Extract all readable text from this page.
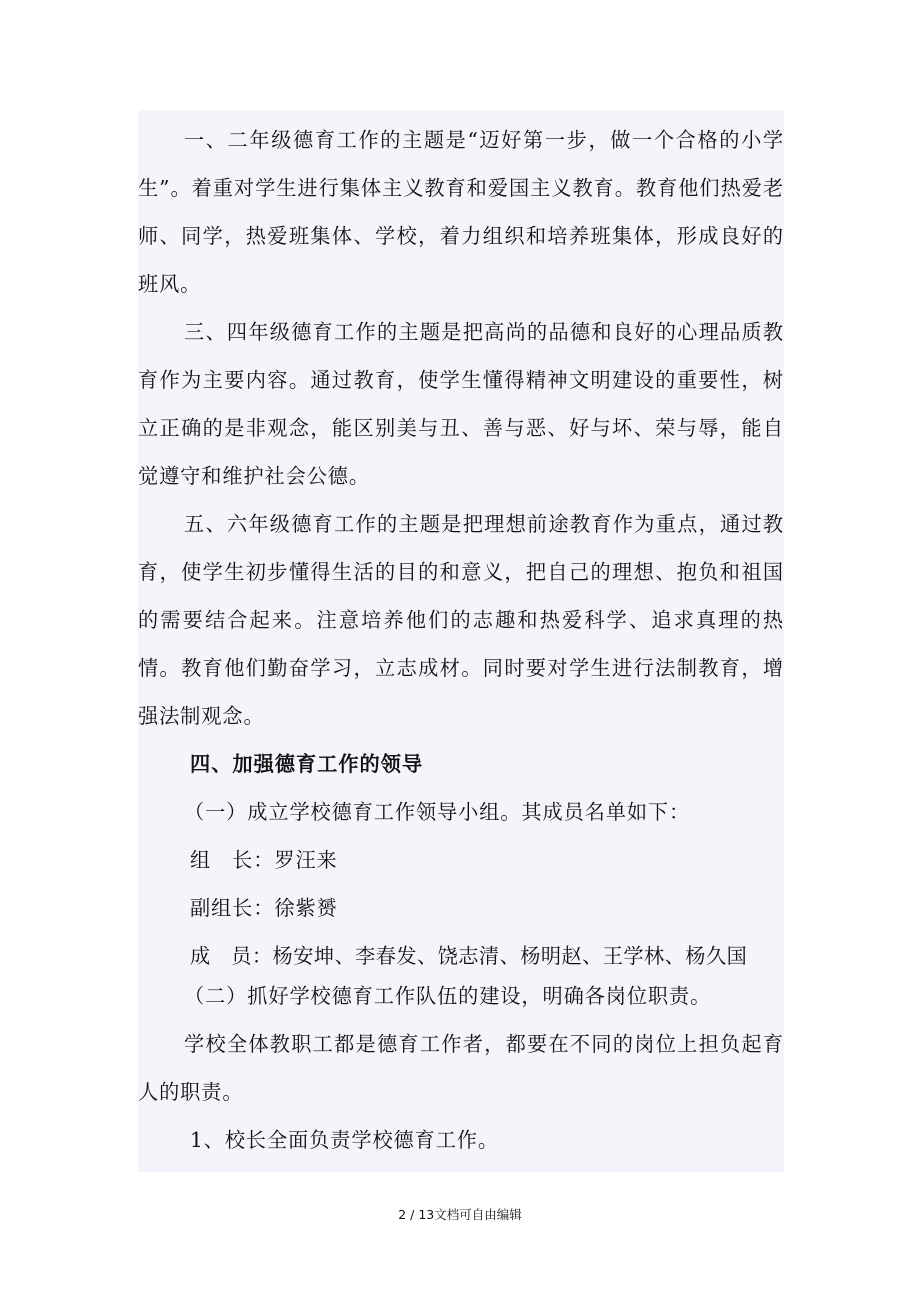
一、二年级德育工作的主题是“迈好第一步，做一个合格的小学生”。着重对学生进行集体主义教育和爱国主义教育。教育他们热爱老师、同学，热爱班集体、学校，着力组织和培养班集体，形成良好的班风。

三、四年级德育工作的主题是把高尚的品德和良好的心理品质教育作为主要内容。通过教育，使学生懂得精神文明建设的重要性，树立正确的是非观念，能区别美与丑、善与恶、好与坏、荣与辱，能自觉遵守和维护社会公德。

五、六年级德育工作的主题是把理想前途教育作为重点，通过教育，使学生初步懂得生活的目的和意义，把自己的理想、抱负和祖国的需要结合起来。注意培养他们的志趣和热爱科学、追求真理的热情。教育他们勤奋学习，立志成材。同时要对学生进行法制教育，增强法制观念。

四、加强德育工作的领导

（一）成立学校德育工作领导小组。其成员名单如下：

组　长：罗汪来

副组长：徐紫赟

成　员：杨安坤、李春发、饶志清、杨明赵、王学林、杨久国

（二）抓好学校德育工作队伍的建设，明确各岗位职责。

学校全体教职工都是德育工作者，都要在不同的岗位上担负起育人的职责。

1、校长全面负责学校德育工作。

2 / 13文档可自由编辑
